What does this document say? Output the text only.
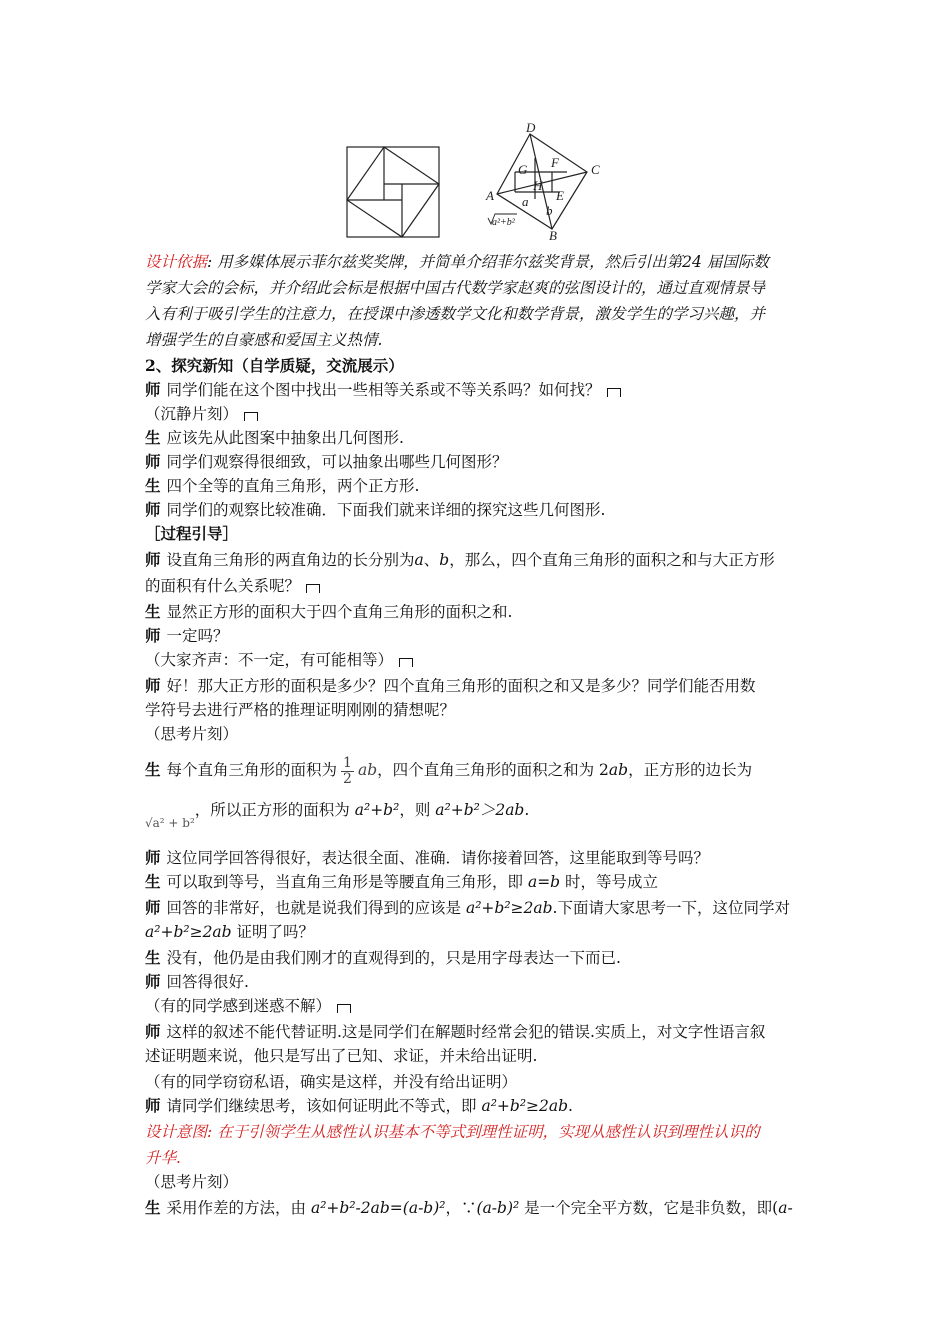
D
C
A
B
E
F
G
H
a
b
a²+b²
设计依据: 用多媒体展示菲尔兹奖奖牌，并简单介绍菲尔兹奖背景，然后引出第24 届国际数
学家大会的会标，并介绍此会标是根据中国古代数学家赵爽的弦图设计的，通过直观情景导
入有利于吸引学生的注意力，在授课中渗透数学文化和数学背景，激发学生的学习兴趣，并
增强学生的自豪感和爱国主义热情.
2、探究新知（自学质疑，交流展示）
师 同学们能在这个图中找出一些相等关系或不等关系吗？如何找？
（沉静片刻）
生 应该先从此图案中抽象出几何图形.
师 同学们观察得很细致，可以抽象出哪些几何图形？
生 四个全等的直角三角形，两个正方形.
师 同学们的观察比较准确．下面我们就来详细的探究这些几何图形.
［过程引导］
师 设直角三角形的两直角边的长分别为a、b，那么，四个直角三角形的面积之和与大正方形
的面积有什么关系呢？
生 显然正方形的面积大于四个直角三角形的面积之和.
师 一定吗？
（大家齐声：不一定，有可能相等）
师 好！那大正方形的面积是多少？四个直角三角形的面积之和又是多少？同学们能否用数
学符号去进行严格的推理证明刚刚的猜想呢？
（思考片刻）
生 每个直角三角形的面积为 $\frac{1}{2}$ ab，四个直角三角形的面积之和为 2ab，正方形的边长为
√a² + b²，所以正方形的面积为 a²+b²，则 a²+b²＞2ab.
师 这位同学回答得很好，表达很全面、准确．请你接着回答，这里能取到等号吗？
生 可以取到等号，当直角三角形是等腰直角三角形，即 a=b 时，等号成立
师 回答的非常好，也就是说我们得到的应该是 a²+b²≥2ab.下面请大家思考一下，这位同学对
a²+b²≥2ab 证明了吗？
生 没有，他仍是由我们刚才的直观得到的，只是用字母表达一下而已.
师 回答得很好.
（有的同学感到迷惑不解）
师 这样的叙述不能代替证明.这是同学们在解题时经常会犯的错误.实质上，对文字性语言叙
述证明题来说，他只是写出了已知、求证，并未给出证明.
（有的同学窃窃私语，确实是这样，并没有给出证明）
师 请同学们继续思考，该如何证明此不等式，即 a²+b²≥2ab.
设计意图: 在于引领学生从感性认识基本不等式到理性证明，实现从感性认识到理性认识的
升华.
（思考片刻）
生 采用作差的方法，由 a²+b²-2ab=(a-b)²，∵(a-b)² 是一个完全平方数，它是非负数，即(a-
